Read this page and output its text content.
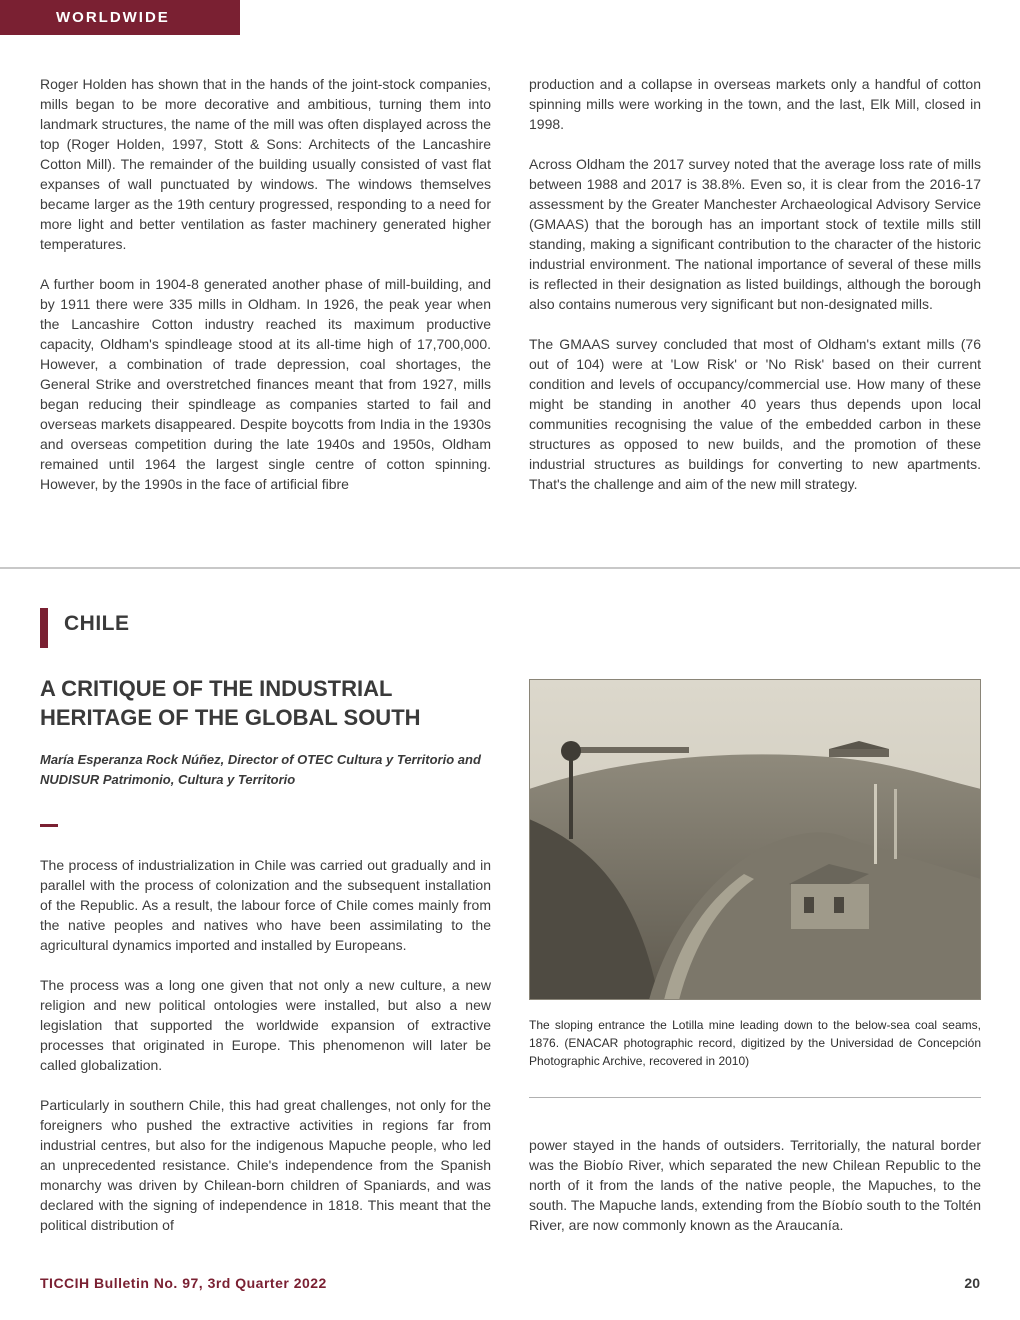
WORLDWIDE

Roger Holden has shown that in the hands of the joint-stock companies, mills began to be more decorative and ambitious, turning them into landmark structures, the name of the mill was often displayed across the top (Roger Holden, 1997, Stott & Sons: Architects of the Lancashire Cotton Mill). The remainder of the building usually consisted of vast flat expanses of wall punctuated by windows. The windows themselves became larger as the 19th century progressed, responding to a need for more light and better ventilation as faster machinery generated higher temperatures.

A further boom in 1904-8 generated another phase of mill-building, and by 1911 there were 335 mills in Oldham. In 1926, the peak year when the Lancashire Cotton industry reached its maximum productive capacity, Oldham's spindleage stood at its all-time high of 17,700,000. However, a combination of trade depression, coal shortages, the General Strike and overstretched finances meant that from 1927, mills began reducing their spindleage as companies started to fail and overseas markets disappeared. Despite boycotts from India in the 1930s and overseas competition during the late 1940s and 1950s, Oldham remained until 1964 the largest single centre of cotton spinning. However, by the 1990s in the face of artificial fibre

production and a collapse in overseas markets only a handful of cotton spinning mills were working in the town, and the last, Elk Mill, closed in 1998.

Across Oldham the 2017 survey noted that the average loss rate of mills between 1988 and 2017 is 38.8%. Even so, it is clear from the 2016-17 assessment by the Greater Manchester Archaeological Advisory Service (GMAAS) that the borough has an important stock of textile mills still standing, making a significant contribution to the character of the historic industrial environment. The national importance of several of these mills is reflected in their designation as listed buildings, although the borough also contains numerous very significant but non-designated mills.

The GMAAS survey concluded that most of Oldham's extant mills (76 out of 104) were at 'Low Risk' or 'No Risk' based on their current condition and levels of occupancy/commercial use. How many of these might be standing in another 40 years thus depends upon local communities recognising the value of the embedded carbon in these structures as opposed to new builds, and the promotion of these industrial structures as buildings for converting to new apartments. That's the challenge and aim of the new mill strategy.

CHILE
A CRITIQUE OF THE INDUSTRIAL
HERITAGE OF THE GLOBAL SOUTH
María Esperanza Rock Núñez, Director of OTEC Cultura y Territorio and NUDISUR Patrimonio, Cultura y Territorio

The process of industrialization in Chile was carried out gradually and in parallel with the process of colonization and the subsequent installation of the Republic. As a result, the labour force of Chile comes mainly from the native peoples and natives who have been assimilating to the agricultural dynamics imported and installed by Europeans.

The process was a long one given that not only a new culture, a new religion and new political ontologies were installed, but also a new legislation that supported the worldwide expansion of extractive processes that originated in Europe. This phenomenon will later be called globalization.

Particularly in southern Chile, this had great challenges, not only for the foreigners who pushed the extractive activities in regions far from industrial centres, but also for the indigenous Mapuche people, who led an unprecedented resistance. Chile's independence from the Spanish monarchy was driven by Chilean-born children of Spaniards, and was declared with the signing of independence in 1818. This meant that the political distribution of

The sloping entrance the Lotilla mine leading down to the below-sea coal seams, 1876. (ENACAR photographic record, digitized by the Universidad de Concepción Photographic Archive, recovered in 2010)

power stayed in the hands of outsiders. Territorially, the natural border was the Biobío River, which separated the new Chilean Republic to the north of it from the lands of the native people, the Mapuches, to the south. The Mapuche lands, extending from the Bíobío south to the Toltén River, are now commonly known as the Araucanía.

TICCIH Bulletin No. 97, 3rd Quarter 2022	20
